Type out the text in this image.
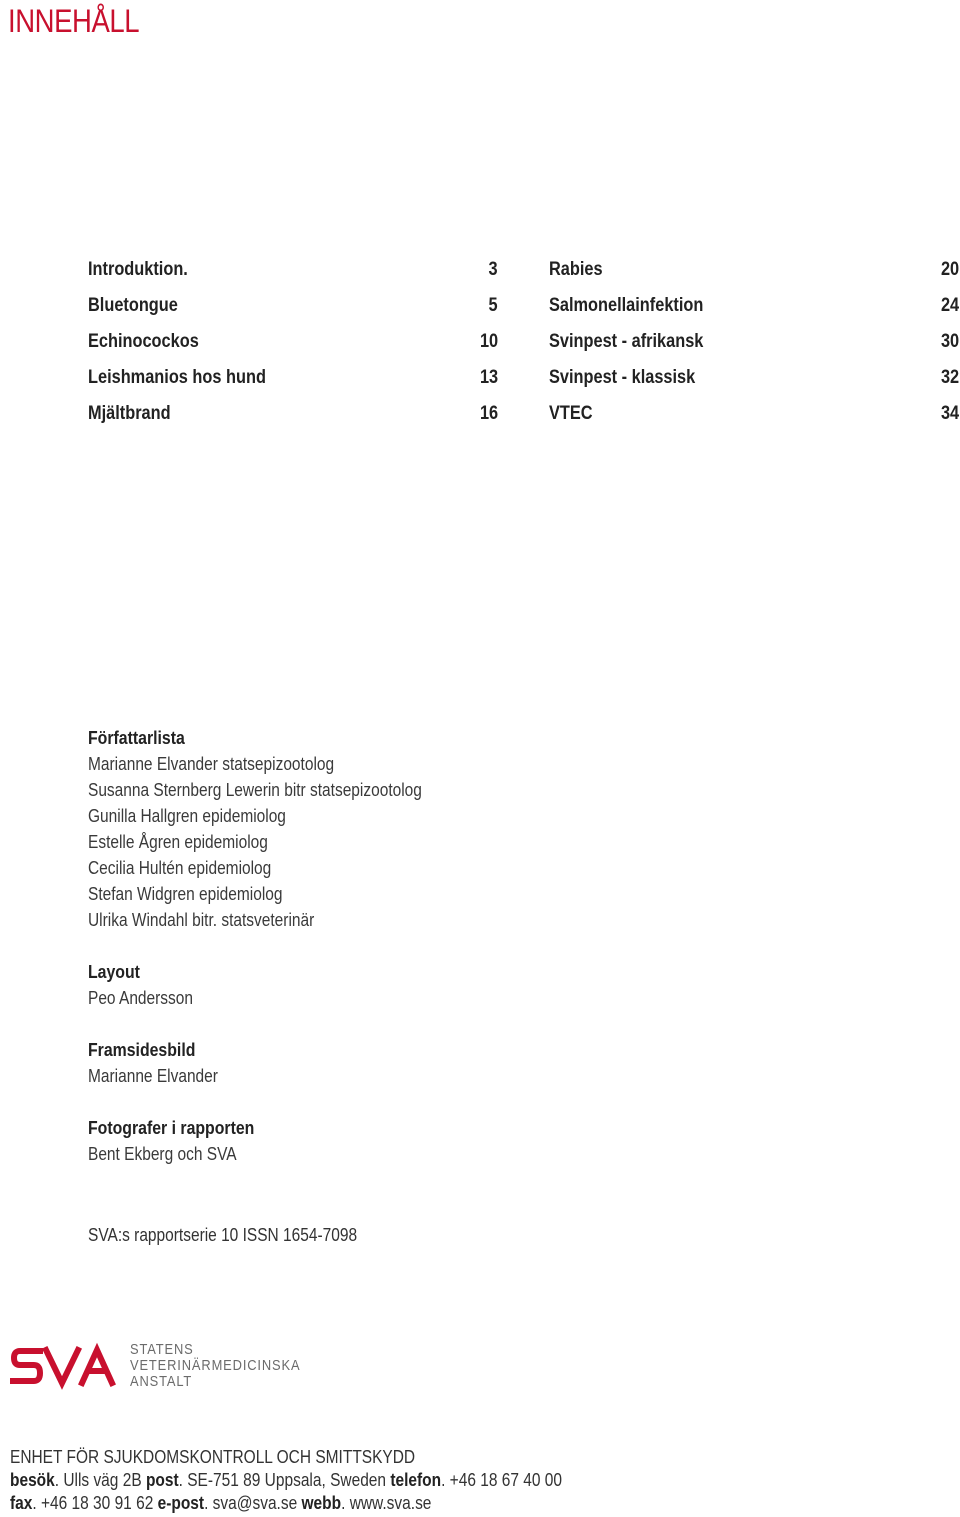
INNEHÅLL
Introduktion.	3
Bluetongue	5
Echinocockos	10
Leishmanios hos hund	13
Mjältbrand	16
Rabies	20
Salmonellainfektion	24
Svinpest - afrikansk	30
Svinpest - klassisk	32
VTEC	34
Författarlista
Marianne Elvander statsepizootolog
Susanna Sternberg Lewerin bitr statsepizootolog
Gunilla Hallgren epidemiolog
Estelle Ågren epidemiolog
Cecilia Hultén epidemiolog
Stefan Widgren epidemiolog
Ulrika Windahl bitr. statsveterinär
Layout
Peo Andersson
Framsidesbild
Marianne Elvander
Fotografer i rapporten
Bent Ekberg och SVA
SVA:s rapportserie 10 ISSN 1654-7098
STATENS
VETERINÄRMEDICINSKA
ANSTALT
ENHET FÖR SJUKDOMSKONTROLL OCH SMITTSKYDD
besök. Ulls väg 2B post. SE-751 89 Uppsala, Sweden telefon. +46 18 67 40 00
fax. +46 18 30 91 62 e-post. sva@sva.se webb. www.sva.se
